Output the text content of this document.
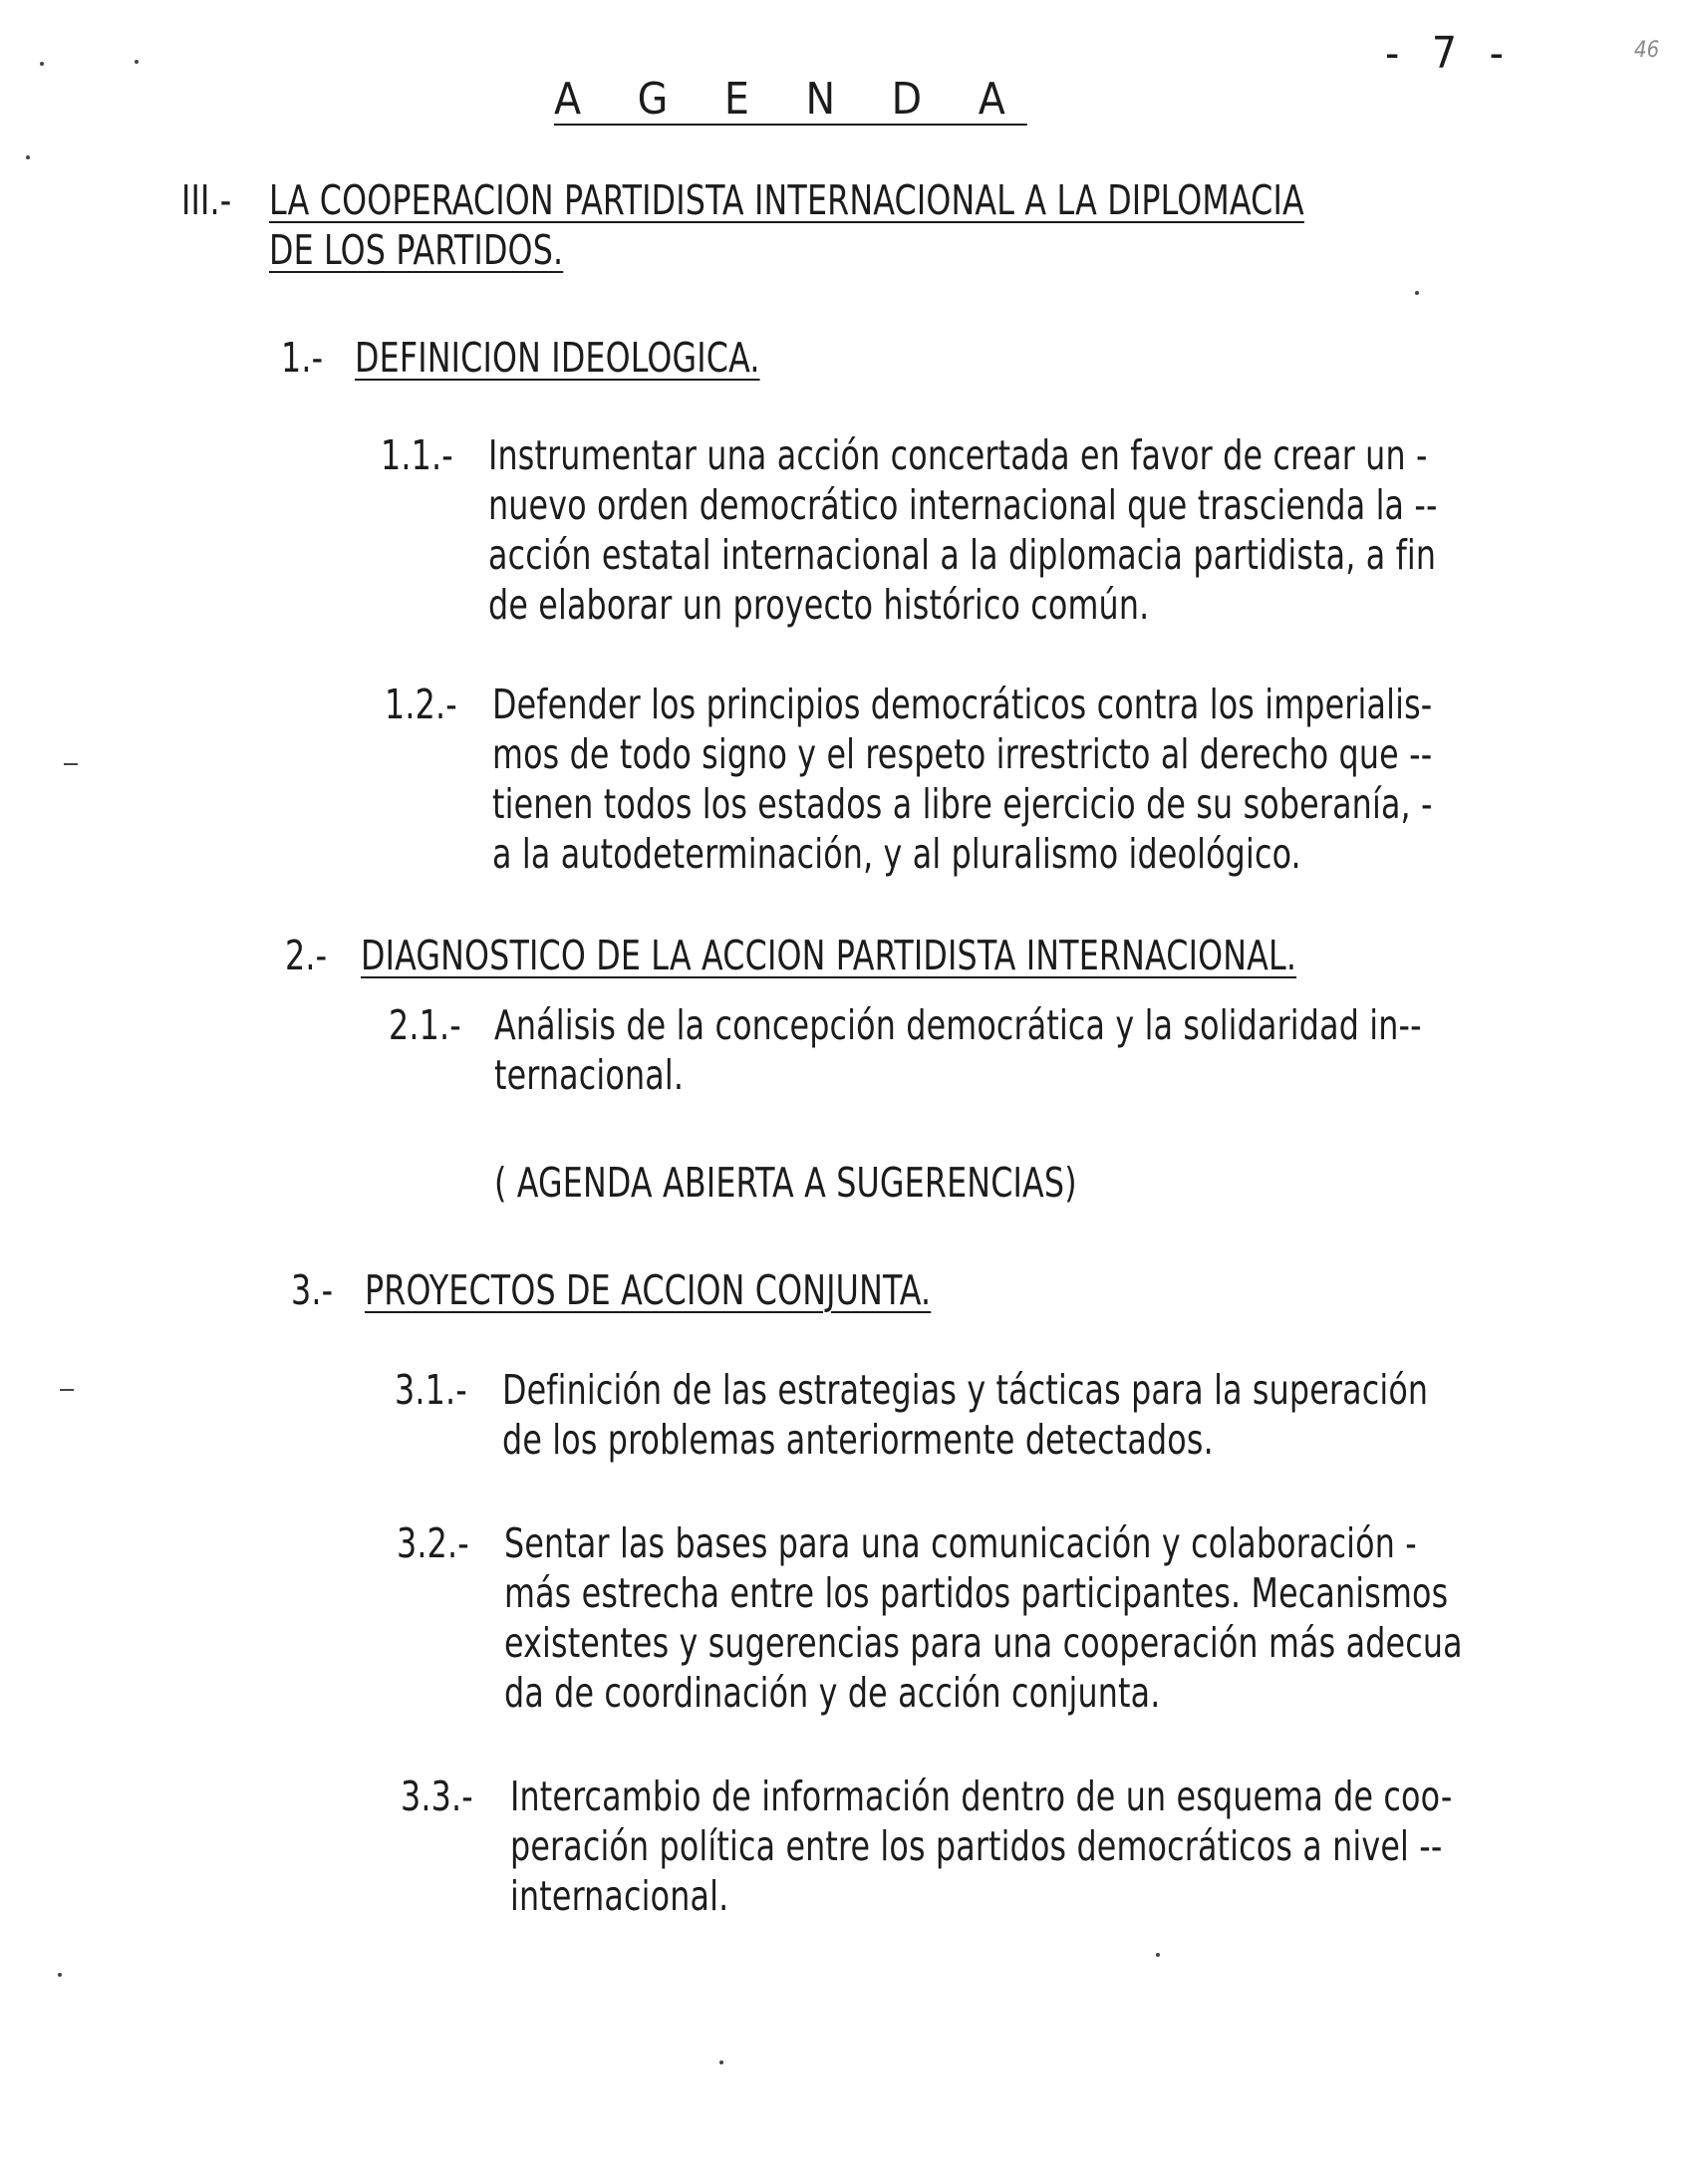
- 7 -	46
A G E N D A
III.- LA COOPERACION PARTIDISTA INTERNACIONAL A LA DIPLOMACIA
DE LOS PARTIDOS.
1.- DEFINICION IDEOLOGICA.
1.1.- Instrumentar una acción concertada en favor de crear un -
nuevo orden democrático internacional que trascienda la --
acción estatal internacional a la diplomacia partidista, a fin
de elaborar un proyecto histórico común.
1.2.- Defender los principios democráticos contra los imperialis-
mos de todo signo y el respeto irrestricto al derecho que --
tienen todos los estados a libre ejercicio de su soberanía, -
a la autodeterminación, y al pluralismo ideológico.
2.- DIAGNOSTICO DE LA ACCION PARTIDISTA INTERNACIONAL.
2.1.- Análisis de la concepción democrática y la solidaridad in--
ternacional.
( AGENDA ABIERTA A SUGERENCIAS)
3.- PROYECTOS DE ACCION CONJUNTA.
3.1.- Definición de las estrategias y tácticas para la superación
de los problemas anteriormente detectados.
3.2.- Sentar las bases para una comunicación y colaboración -
más estrecha entre los partidos participantes. Mecanismos
existentes y sugerencias para una cooperación más adecua
da de coordinación y de acción conjunta.
3.3.- Intercambio de información dentro de un esquema de coo-
peración política entre los partidos democráticos a nivel --
internacional.
